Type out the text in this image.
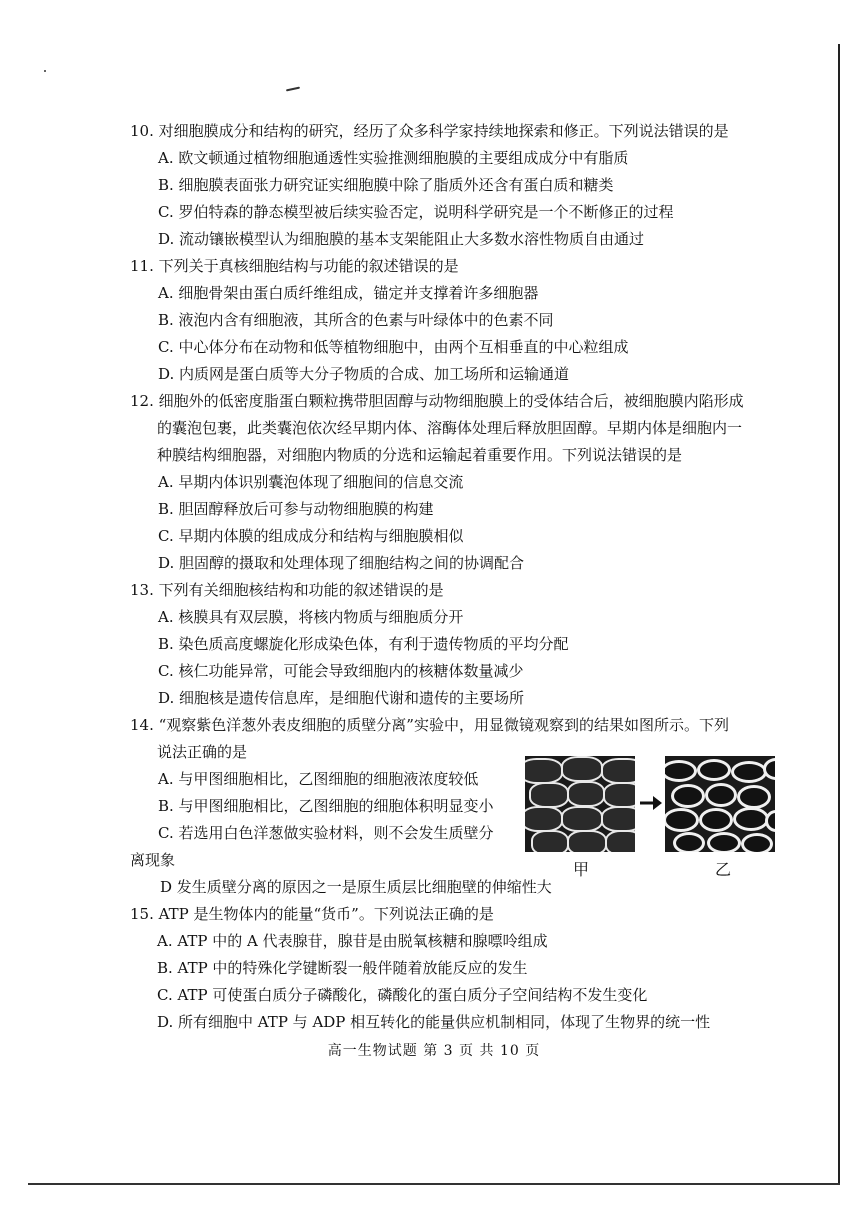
10. 对细胞膜成分和结构的研究，经历了众多科学家持续地探索和修正。下列说法错误的是
A. 欧文顿通过植物细胞通透性实验推测细胞膜的主要组成成分中有脂质
B. 细胞膜表面张力研究证实细胞膜中除了脂质外还含有蛋白质和糖类
C. 罗伯特森的静态模型被后续实验否定，说明科学研究是一个不断修正的过程
D. 流动镶嵌模型认为细胞膜的基本支架能阻止大多数水溶性物质自由通过
11. 下列关于真核细胞结构与功能的叙述错误的是
A. 细胞骨架由蛋白质纤维组成，锚定并支撑着许多细胞器
B. 液泡内含有细胞液，其所含的色素与叶绿体中的色素不同
C. 中心体分布在动物和低等植物细胞中，由两个互相垂直的中心粒组成
D. 内质网是蛋白质等大分子物质的合成、加工场所和运输通道
12. 细胞外的低密度脂蛋白颗粒携带胆固醇与动物细胞膜上的受体结合后，被细胞膜内陷形成
的囊泡包裹，此类囊泡依次经早期内体、溶酶体处理后释放胆固醇。早期内体是细胞内一
种膜结构细胞器，对细胞内物质的分选和运输起着重要作用。下列说法错误的是
A. 早期内体识别囊泡体现了细胞间的信息交流
B. 胆固醇释放后可参与动物细胞膜的构建
C. 早期内体膜的组成成分和结构与细胞膜相似
D. 胆固醇的摄取和处理体现了细胞结构之间的协调配合
13. 下列有关细胞核结构和功能的叙述错误的是
A. 核膜具有双层膜，将核内物质与细胞质分开
B. 染色质高度螺旋化形成染色体，有利于遗传物质的平均分配
C. 核仁功能异常，可能会导致细胞内的核糖体数量减少
D. 细胞核是遗传信息库，是细胞代谢和遗传的主要场所
14. “观察紫色洋葱外表皮细胞的质壁分离”实验中，用显微镜观察到的结果如图所示。下列
说法正确的是
A. 与甲图细胞相比，乙图细胞的细胞液浓度较低
B. 与甲图细胞相比，乙图细胞的细胞体积明显变小
C. 若选用白色洋葱做实验材料，则不会发生质壁分
离现象
D 发生质壁分离的原因之一是原生质层比细胞壁的伸缩性大
甲	乙
15. ATP 是生物体内的能量“货币”。下列说法正确的是
A. ATP 中的 A 代表腺苷，腺苷是由脱氧核糖和腺嘌呤组成
B. ATP 中的特殊化学键断裂一般伴随着放能反应的发生
C. ATP 可使蛋白质分子磷酸化，磷酸化的蛋白质分子空间结构不发生变化
D. 所有细胞中 ATP 与 ADP 相互转化的能量供应机制相同，体现了生物界的统一性
高一生物试题 第 3 页 共 10 页
